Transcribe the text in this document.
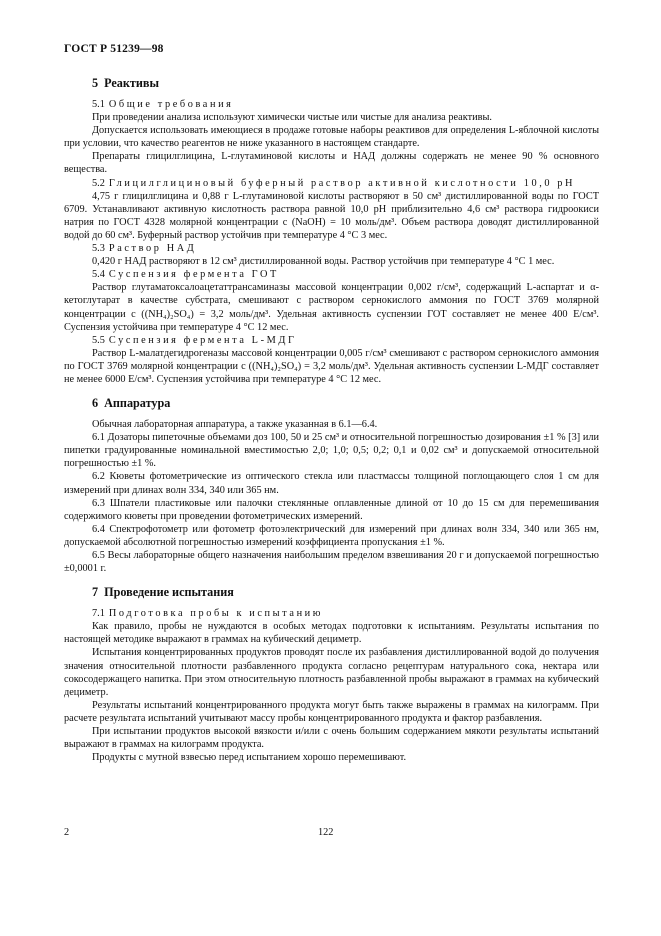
ГОСТ Р 51239—98
5 Реактивы
5.1 Общие требования

При проведении анализа используют химически чистые или чистые для анализа реактивы.

Допускается использовать имеющиеся в продаже готовые наборы реактивов для определения L-яблочной кислоты при условии, что качество реагентов не ниже указанного в настоящем стандарте.

Препараты глицилглицина, L-глутаминовой кислоты и НАД должны содержать не менее 90 % основного вещества.

5.2 Глицилглициновый буферный раствор активной кислотности 10,0 pH

4,75 г глицилглицина и 0,88 г L-глутаминовой кислоты растворяют в 50 см³ дистиллированной воды по ГОСТ 6709. Устанавливают активную кислотность раствора равной 10,0 pH приблизительно 4,6 см³ раствора гидроокиси натрия по ГОСТ 4328 молярной концентрации c (NaOH) = 10 моль/дм³. Объем раствора доводят дистиллированной водой до 60 см³. Буферный раствор устойчив при температуре 4 °С 3 мес.

5.3 Раствор НАД

0,420 г НАД растворяют в 12 см³ дистиллированной воды. Раствор устойчив при температуре 4 °С 1 мес.

5.4 Суспензия фермента ГОТ

Раствор глутаматоксалоацетаттрансаминазы массовой концентрации 0,002 г/см³, содержащий L-аспартат и α-кетоглутарат в качестве субстрата, смешивают с раствором сернокислого аммония по ГОСТ 3769 молярной концентрации c ((NH₄)₂SO₄) = 3,2 моль/дм³. Удельная активность суспензии ГОТ составляет не менее 400 Е/см³. Суспензия устойчива при температуре 4 °С 12 мес.

5.5 Суспензия фермента L-МДГ

Раствор L-малатдегидрогеназы массовой концентрации 0,005 г/см³ смешивают с раствором сернокислого аммония по ГОСТ 3769 молярной концентрации c ((NH₄)₂SO₄) = 3,2 моль/дм³. Удельная активность суспензии L-МДГ составляет не менее 6000 Е/см³. Суспензия устойчива при температуре 4 °С 12 мес.

6 Аппаратура

Обычная лабораторная аппаратура, а также указанная в 6.1—6.4.

6.1 Дозаторы пипеточные объемами доз 100, 50 и 25 см³ и относительной погрешностью дозирования ±1 % [3] или пипетки градуированные номинальной вместимостью 2,0; 1,0; 0,5; 0,2; 0,1 и 0,02 см³ и допускаемой относительной погрешностью ±1 %.

6.2 Кюветы фотометрические из оптического стекла или пластмассы толщиной поглощающего слоя 1 см для измерений при длинах волн 334, 340 или 365 нм.

6.3 Шпатели пластиковые или палочки стеклянные оплавленные длиной от 10 до 15 см для перемешивания содержимого кюветы при проведении фотометрических измерений.

6.4 Спектрофотометр или фотометр фотоэлектрический для измерений при длинах волн 334, 340 или 365 нм, допускаемой абсолютной погрешностью измерений коэффициента пропускания ±1 %.

6.5 Весы лабораторные общего назначения наибольшим пределом взвешивания 20 г и допускаемой погрешностью ±0,0001 г.

7 Проведение испытания
7.1 Подготовка пробы к испытанию

Как правило, пробы не нуждаются в особых методах подготовки к испытаниям. Результаты испытания по настоящей методике выражают в граммах на кубический дециметр.

Испытания концентрированных продуктов проводят после их разбавления дистиллированной водой до получения значения относительной плотности разбавленного продукта согласно рецептурам натурального сока, нектара или сокосодержащего напитка. При этом относительную плотность разбавленной пробы выражают в граммах на кубический дециметр.

Результаты испытаний концентрированного продукта могут быть также выражены в граммах на килограмм. При расчете результата испытаний учитывают массу пробы концентрированного продукта и фактор разбавления.

При испытании продуктов высокой вязкости и/или с очень большим содержанием мякоти результаты испытаний выражают в граммах на килограмм продукта.

Продукты с мутной взвесью перед испытанием хорошо перемешивают.

2	122
